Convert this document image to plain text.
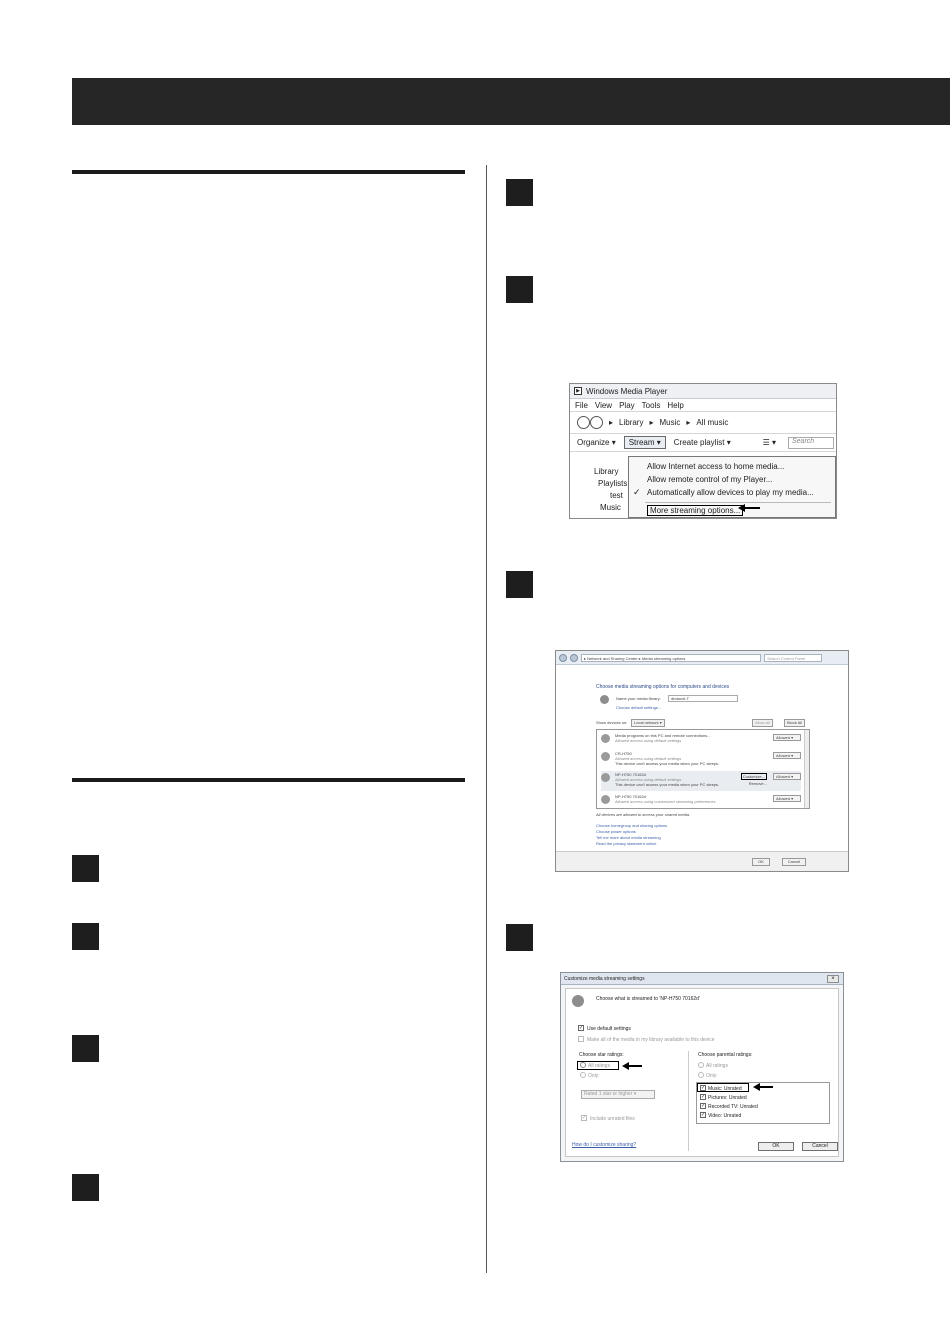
▶ Windows Media Player
File View Play Tools Help
▸ Library ▸ Music ▸ All music
Organize ▾	Stream ▾	Create playlist ▾	☰ ▾	Search
Library
Playlists
test
Music
Allow Internet access to home media...
Allow remote control of my Player...
✓ Automatically allow devices to play my media...
More streaming options...
▸ Network and Sharing Center ▸ Media streaming options	Search Control Panel
Choose media streaming options for computers and devices
Name your media library:	dbdacnt-T
Choose default settings...
Show devices on:	Local network ▾	Allow All	Block All
Media programs on this PC and remote connections...
Allowed access using default settings
Allowed ▾
CR-H750
Allowed access using default settings
This device can't access your media when your PC sleeps.
Allowed ▾
NP-H750 70162d
Allowed access using default settings
This device can't access your media when your PC sleeps.
Customize...
Remove...
Allowed ▾
NP-H750 70162d
Allowed access using customized streaming preferences
Allowed ▾
All devices are allowed to access your shared media.
Choose homegroup and sharing options
Choose power options
Tell me more about media streaming
Read the privacy statement online
OK	Cancel
Customize media streaming settings	×
Choose what is streamed to 'NP-H750 70162d'
✓ Use default settings
Make all of the media in my library available to this device
Choose star ratings:
All ratings
Only:
Rated 1 star or higher ▾
✓ Include unrated files
Choose parental ratings:
All ratings
Only:
✓ Music: Unrated
✓ Pictures: Unrated
✓ Recorded TV: Unrated
✓ Video: Unrated
How do I customize sharing?	OK	Cancel
